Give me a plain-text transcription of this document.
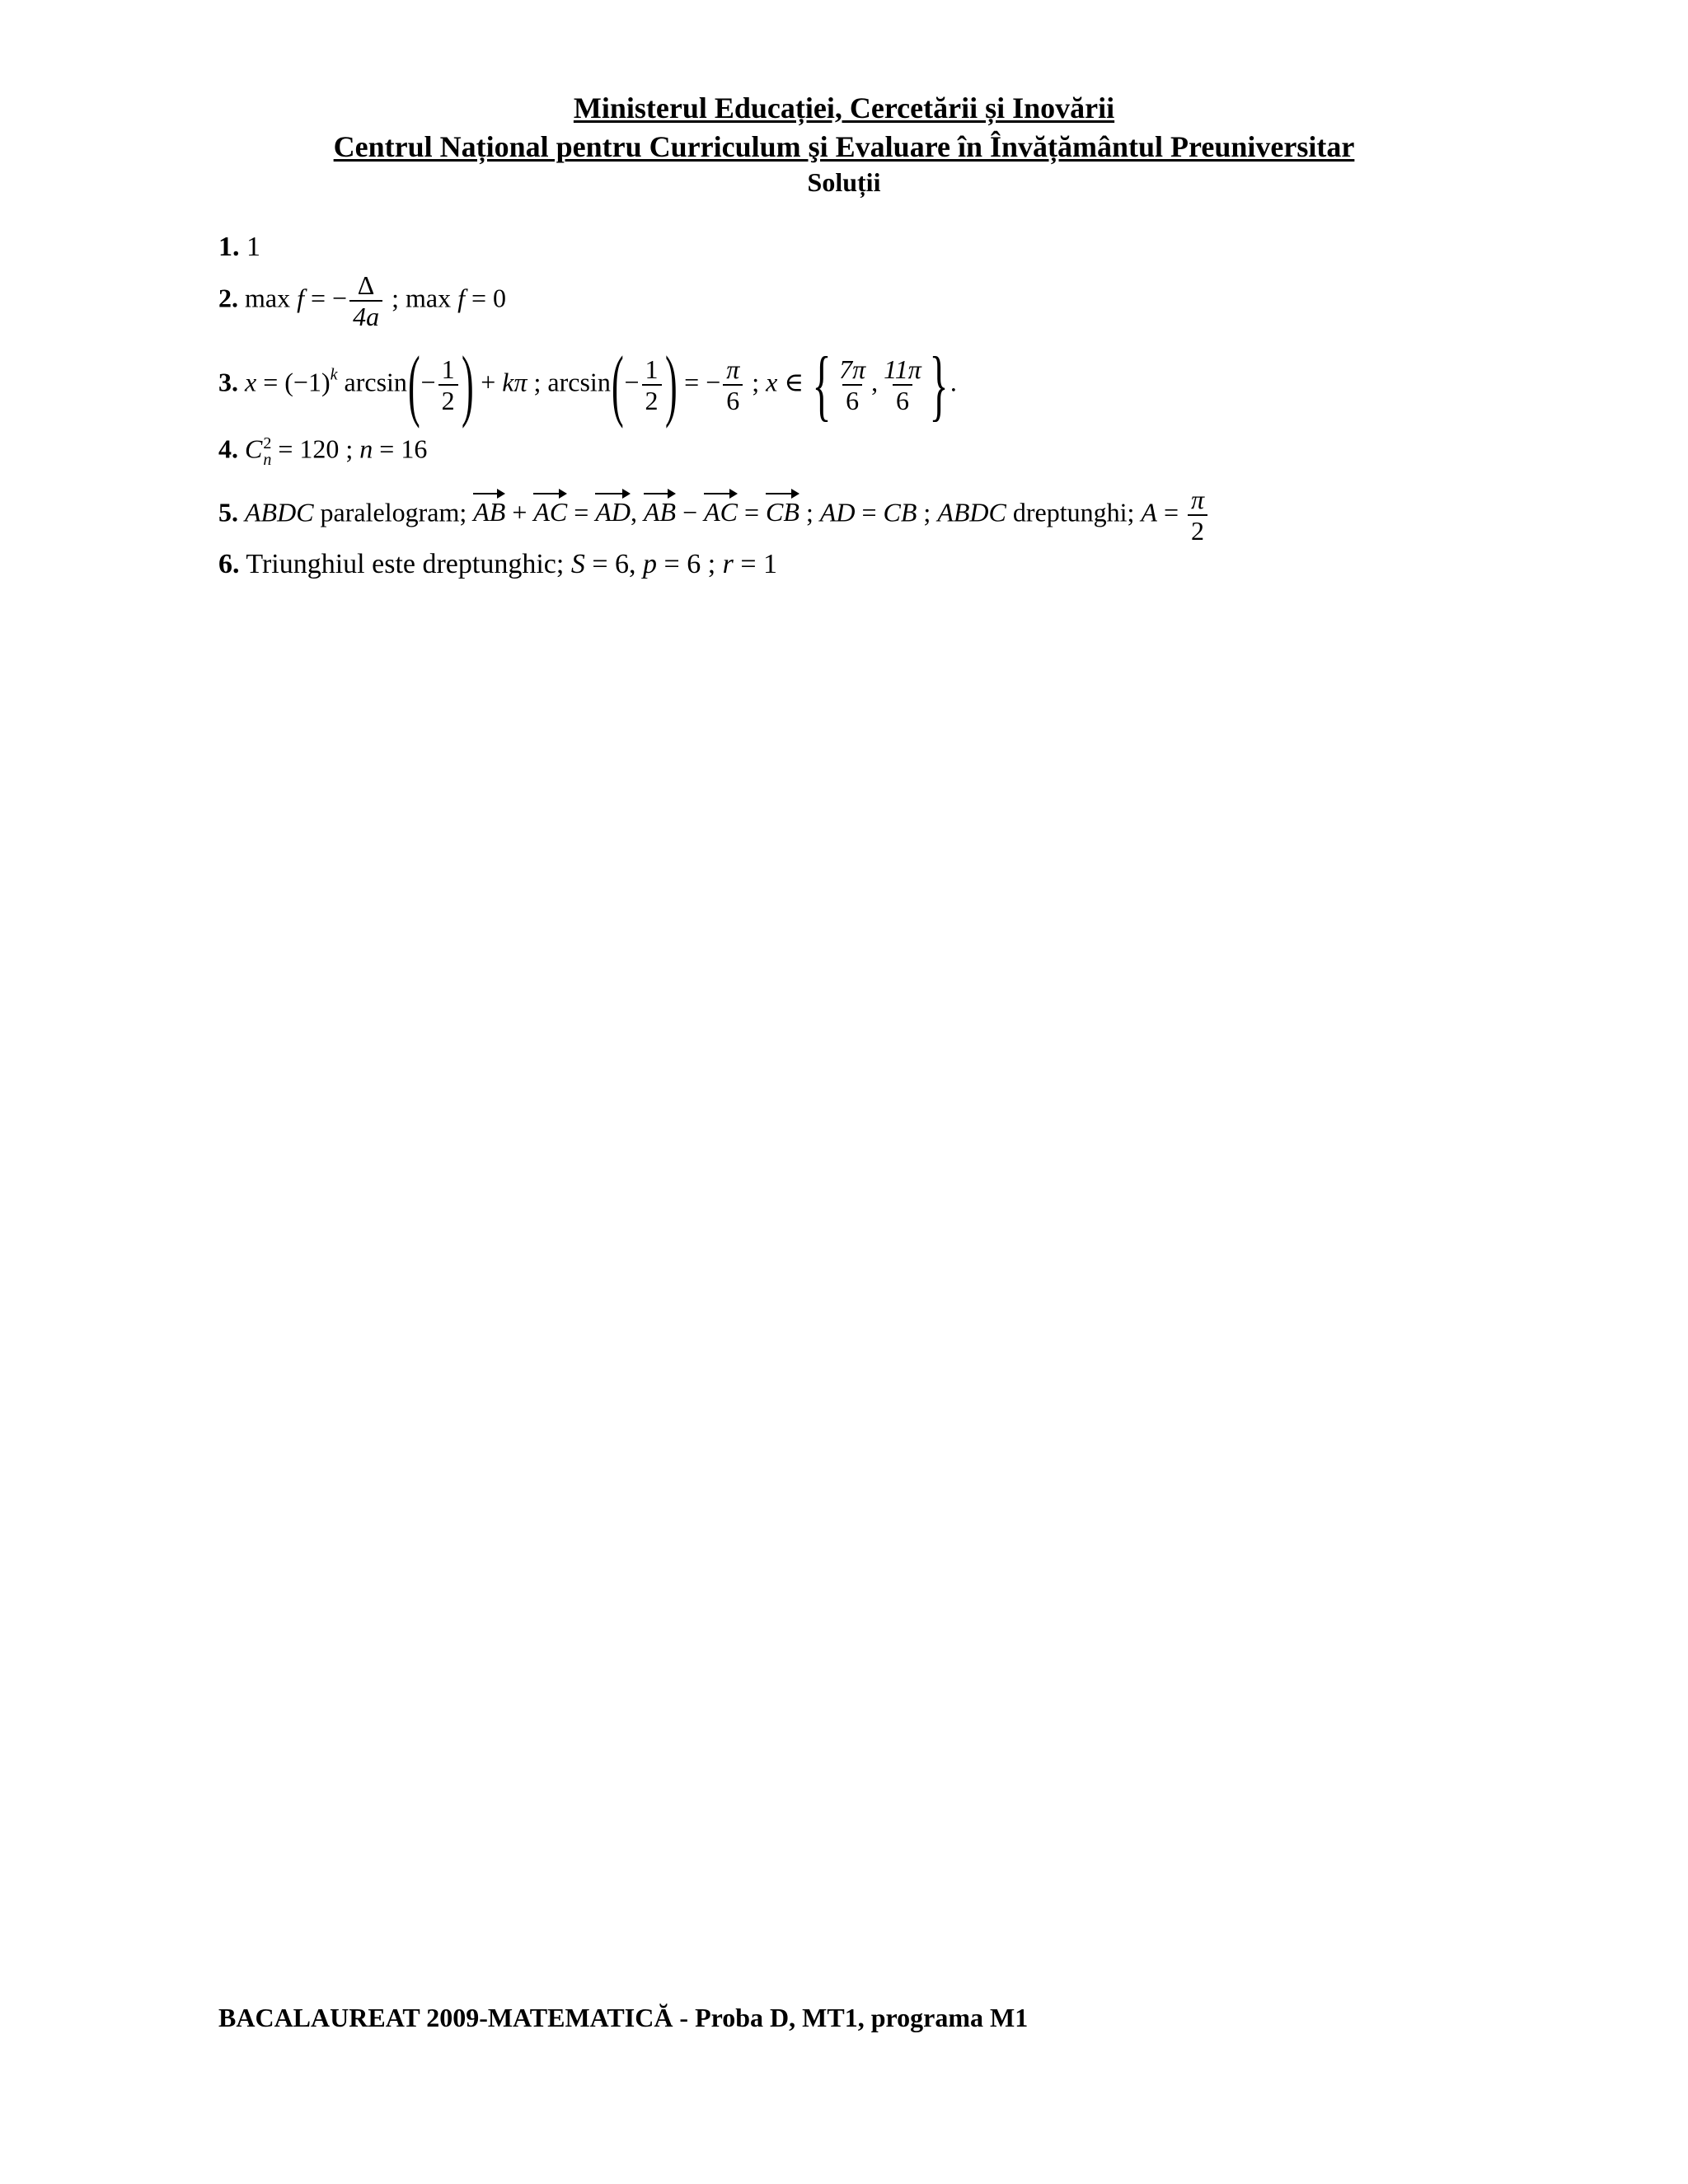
Ministerul Educației, Cercetării și Inovării
Centrul Național pentru Curriculum şi Evaluare în Învățământul Preuniversitar
Soluții
1. 1
2. max f = − $\frac{\Delta}{4a}$ ; max f = 0
3. $x = (-1)^k$ $\arcsin(- \frac{1}{2}$ ) + kπ ; $\arcsin(- \frac{1}{2}$ ) = − $\frac{\pi}{6}$ ; x ∈ { $\frac{7\pi}{6}$ , $\frac{11\pi}{6}$ }.
4. C 2
n = 120 ; n = 16
5. ABDC paralelogram; AB + AC = AD, AB − AC = CB ; AD = CB ; ABDC dreptunghi; $A = \frac{\pi}{2}$
6. Triunghiul este dreptunghic; S = 6, p = 6 ; r = 1
BACALAUREAT 2009-MATEMATICĂ - Proba D, MT1, programa M1
